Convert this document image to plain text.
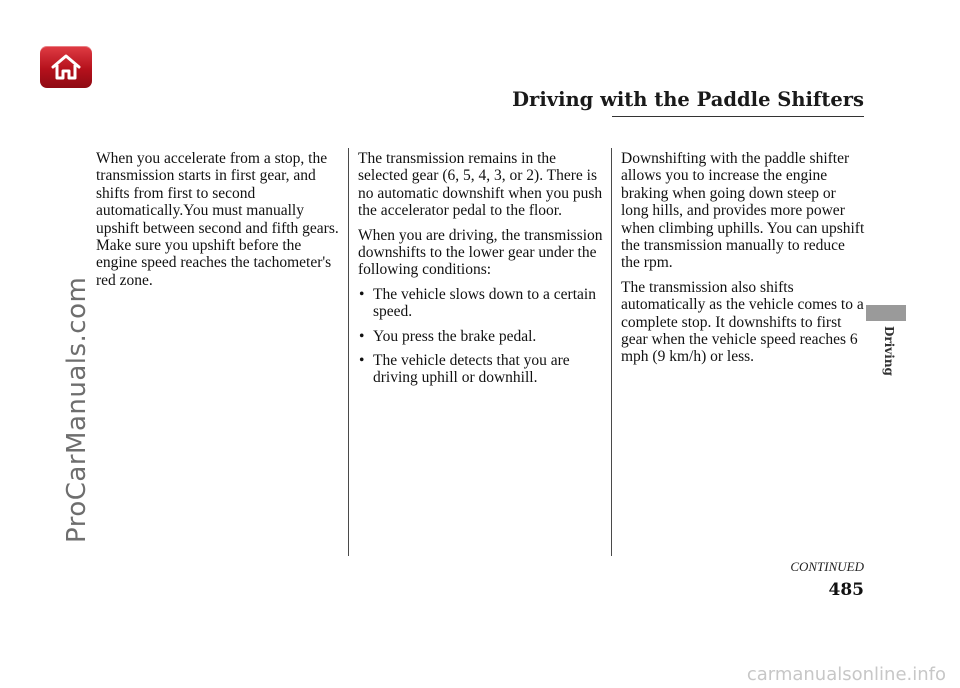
Driving with the Paddle Shifters
ProCarManuals.com

When you accelerate from a stop, the transmission starts in first gear, and shifts from first to second automatically.You must manually upshift between second and fifth gears. Make sure you upshift before the engine speed reaches the tachometer's red zone.

The transmission remains in the selected gear (6, 5, 4, 3, or 2). There is no automatic downshift when you push the accelerator pedal to the floor.

When you are driving, the transmission downshifts to the lower gear under the following conditions:

• The vehicle slows down to a certain speed.
• You press the brake pedal.
• The vehicle detects that you are driving uphill or downhill.

Downshifting with the paddle shifter allows you to increase the engine braking when going down steep or long hills, and provides more power when climbing uphills. You can upshift the transmission manually to reduce the rpm.

The transmission also shifts automatically as the vehicle comes to a complete stop. It downshifts to first gear when the vehicle speed reaches 6 mph (9 km/h) or less.	Driving
CONTINUED
485
carmanualsonline.info
